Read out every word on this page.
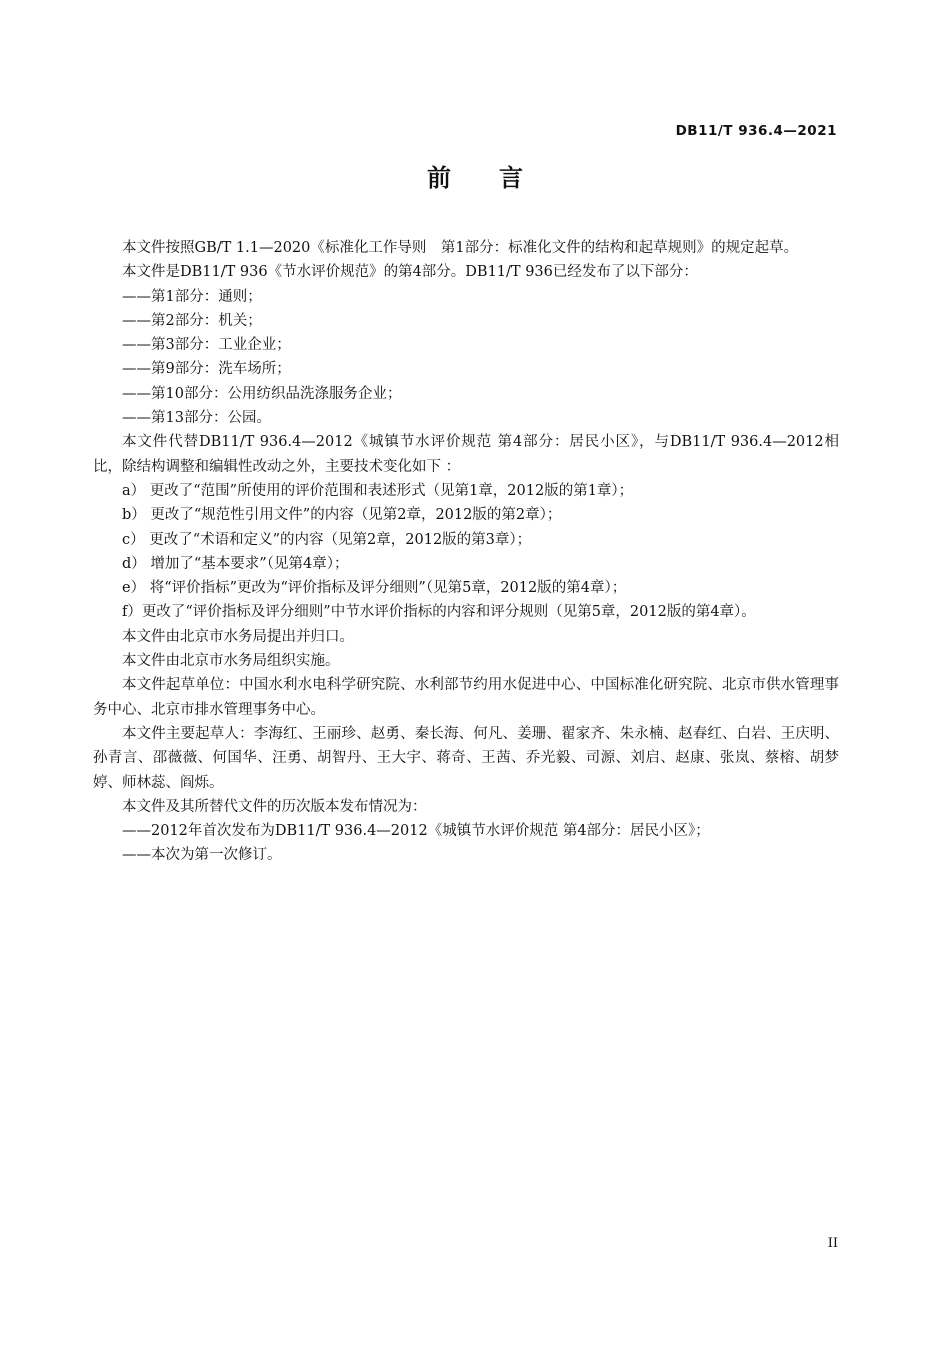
DB11/T 936.4—2021
前　　言
本文件按照GB/T 1.1—2020《标准化工作导则　第1部分：标准化文件的结构和起草规则》的规定起草。
本文件是DB11/T 936《节水评价规范》的第4部分。DB11/T 936已经发布了以下部分：
——第1部分：通则；
——第2部分：机关；
——第3部分：工业企业；
——第9部分：洗车场所；
——第10部分：公用纺织品洗涤服务企业；
——第13部分：公园。
本文件代替DB11/T 936.4—2012《城镇节水评价规范 第4部分：居民小区》，与DB11/T 936.4—2012相比，除结构调整和编辑性改动之外，主要技术变化如下 ：
a） 更改了“范围”所使用的评价范围和表述形式（见第1章，2012版的第1章）；
b） 更改了“规范性引用文件”的内容（见第2章，2012版的第2章）；
c） 更改了“术语和定义”的内容（见第2章，2012版的第3章）；
d） 增加了“基本要求”（见第4章）；
e） 将“评价指标”更改为“评价指标及评分细则”（见第5章，2012版的第4章）；
f）更改了“评价指标及评分细则”中节水评价指标的内容和评分规则（见第5章，2012版的第4章）。
本文件由北京市水务局提出并归口。
本文件由北京市水务局组织实施。
本文件起草单位：中国水利水电科学研究院、水利部节约用水促进中心、中国标准化研究院、北京市供水管理事务中心、北京市排水管理事务中心。
本文件主要起草人：李海红、王丽珍、赵勇、秦长海、何凡、姜珊、翟家齐、朱永楠、赵春红、白岩、王庆明、孙青言、邵薇薇、何国华、汪勇、胡智丹、王大宇、蒋奇、王茜、乔光毅、司源、刘启、赵康、张岚、蔡榕、胡梦婷、师林蕊、阎烁。
本文件及其所替代文件的历次版本发布情况为：
——2012年首次发布为DB11/T 936.4—2012《城镇节水评价规范 第4部分：居民小区》；
——本次为第一次修订。
II
